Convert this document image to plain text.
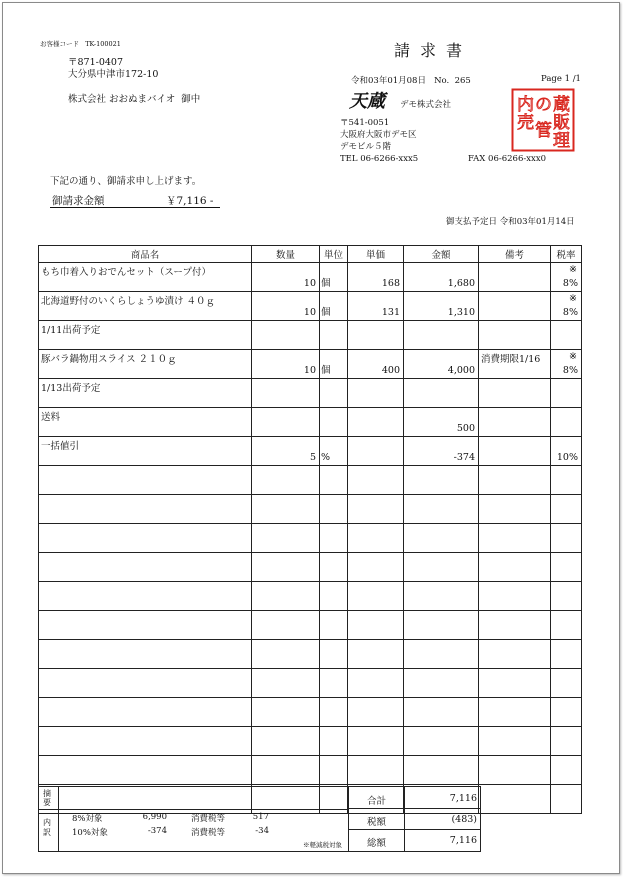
お客様コード TK-100021
〒871-0407
大分県中津市172-10
株式会社 おおぬまバイオ 御中
請求書
令和03年01月08日 No. 265	Page 1 /1
天蔵	デモ株式会社
〒541-0051
大阪府大阪市デモ区
デモビル５階
TEL 06-6266-xxx5	FAX 06-6266-xxx0
内 の 蔵
販
売 管 理
下記の通り、御請求申し上げます。
御請求金額	￥7,116 -
御支払予定日 令和03年01月14日
商品名	数量	単位	単価	金額	備考	税率

もち巾着入りおでんセット（スープ付）	10	個	168	1,680		※
8%

北海道野付のいくらしょうゆ漬け ４０ｇ	10	個	131	1,310		※
8%

1/11出荷予定						

豚バラ鍋物用スライス ２１０ｇ	10	個	400	4,000	消費期限1/16	※
8%

1/13出荷予定						

送料				500		

一括値引	5	%		-374		10%

摘要
内訳
8%対象	6,990	消費税等	517
10%対象	-374	消費税等	-34
※軽減税対象
合計	7,116
税額	(483)
総額	7,116
